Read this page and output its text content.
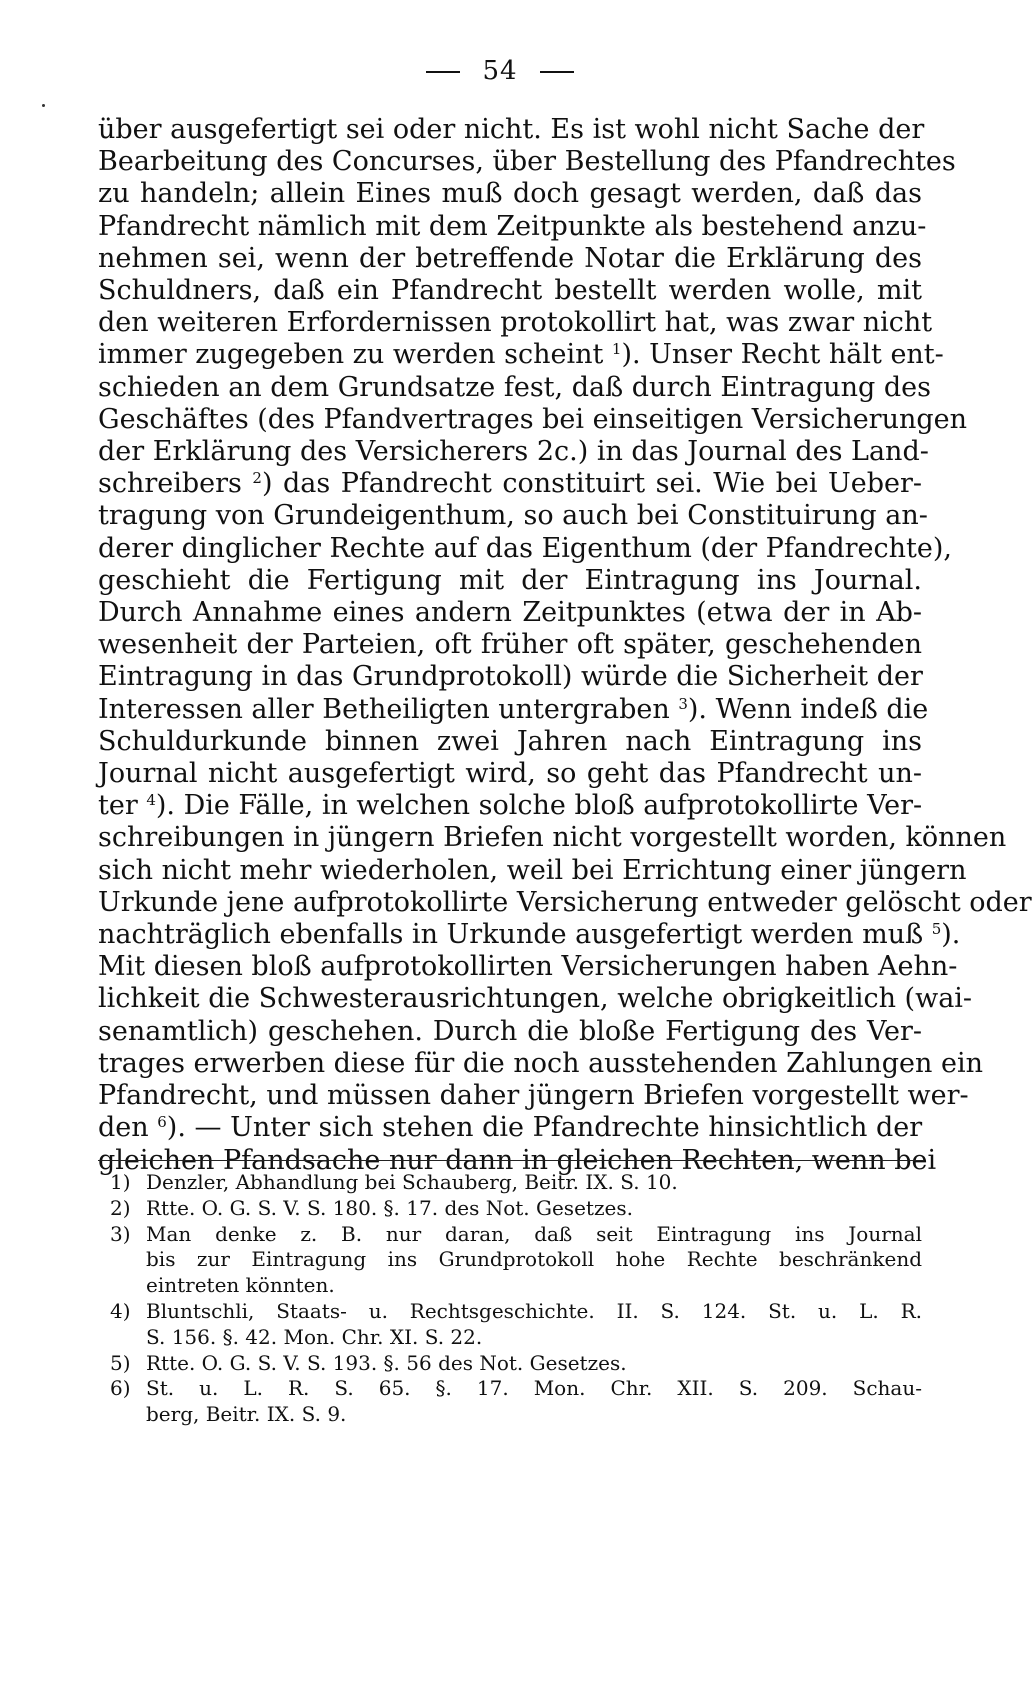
54
über ausgefertigt sei oder nicht. Es ist wohl nicht Sache der
Bearbeitung des Concurses, über Bestellung des Pfandrechtes
zu handeln; allein Eines muß doch gesagt werden, daß das
Pfandrecht nämlich mit dem Zeitpunkte als bestehend anzu-
nehmen sei, wenn der betreffende Notar die Erklärung des
Schuldners, daß ein Pfandrecht bestellt werden wolle, mit
den weiteren Erfordernissen protokollirt hat, was zwar nicht
immer zugegeben zu werden scheint $^1$). Unser Recht hält ent-
schieden an dem Grundsatze fest, daß durch Eintragung des
Geschäftes (des Pfandvertrages bei einseitigen Versicherungen
der Erklärung des Versicherers 2c.) in das Journal des Land-
schreibers $^2$) das Pfandrecht constituirt sei. Wie bei Ueber-
tragung von Grundeigenthum, so auch bei Constituirung an-
derer dinglicher Rechte auf das Eigenthum (der Pfandrechte),
geschieht die Fertigung mit der Eintragung ins Journal.
Durch Annahme eines andern Zeitpunktes (etwa der in Ab-
wesenheit der Parteien, oft früher oft später, geschehenden
Eintragung in das Grundprotokoll) würde die Sicherheit der
Interessen aller Betheiligten untergraben $^3$). Wenn indeß die
Schuldurkunde binnen zwei Jahren nach Eintragung ins
Journal nicht ausgefertigt wird, so geht das Pfandrecht un-
ter $^4$). Die Fälle, in welchen solche bloß aufprotokollirte Ver-
schreibungen in jüngern Briefen nicht vorgestellt worden, können
sich nicht mehr wiederholen, weil bei Errichtung einer jüngern
Urkunde jene aufprotokollirte Versicherung entweder gelöscht oder
nachträglich ebenfalls in Urkunde ausgefertigt werden muß $^5$).
Mit diesen bloß aufprotokollirten Versicherungen haben Aehn-
lichkeit die Schwesterausrichtungen, welche obrigkeitlich (wai-
senamtlich) geschehen. Durch die bloße Fertigung des Ver-
trages erwerben diese für die noch ausstehenden Zahlungen ein
Pfandrecht, und müssen daher jüngern Briefen vorgestellt wer-
den $^6$). — Unter sich stehen die Pfandrechte hinsichtlich der
gleichen Pfandsache nur dann in gleichen Rechten, wenn bei
1) Denzler, Abhandlung bei Schauberg, Beitr. IX. S. 10.
2) Rtte. O. G. S. V. S. 180. §. 17. des Not. Gesetzes.
3) Man denke z. B. nur daran, daß seit Eintragung ins Journal
bis zur Eintragung ins Grundprotokoll hohe Rechte beschränkend
eintreten könnten.
4) Bluntschli, Staats- u. Rechtsgeschichte. II. S. 124. St. u. L. R.
S. 156. §. 42. Mon. Chr. XI. S. 22.
5) Rtte. O. G. S. V. S. 193. §. 56 des Not. Gesetzes.
6) St. u. L. R. S. 65. §. 17. Mon. Chr. XII. S. 209. Schau-
berg, Beitr. IX. S. 9.
